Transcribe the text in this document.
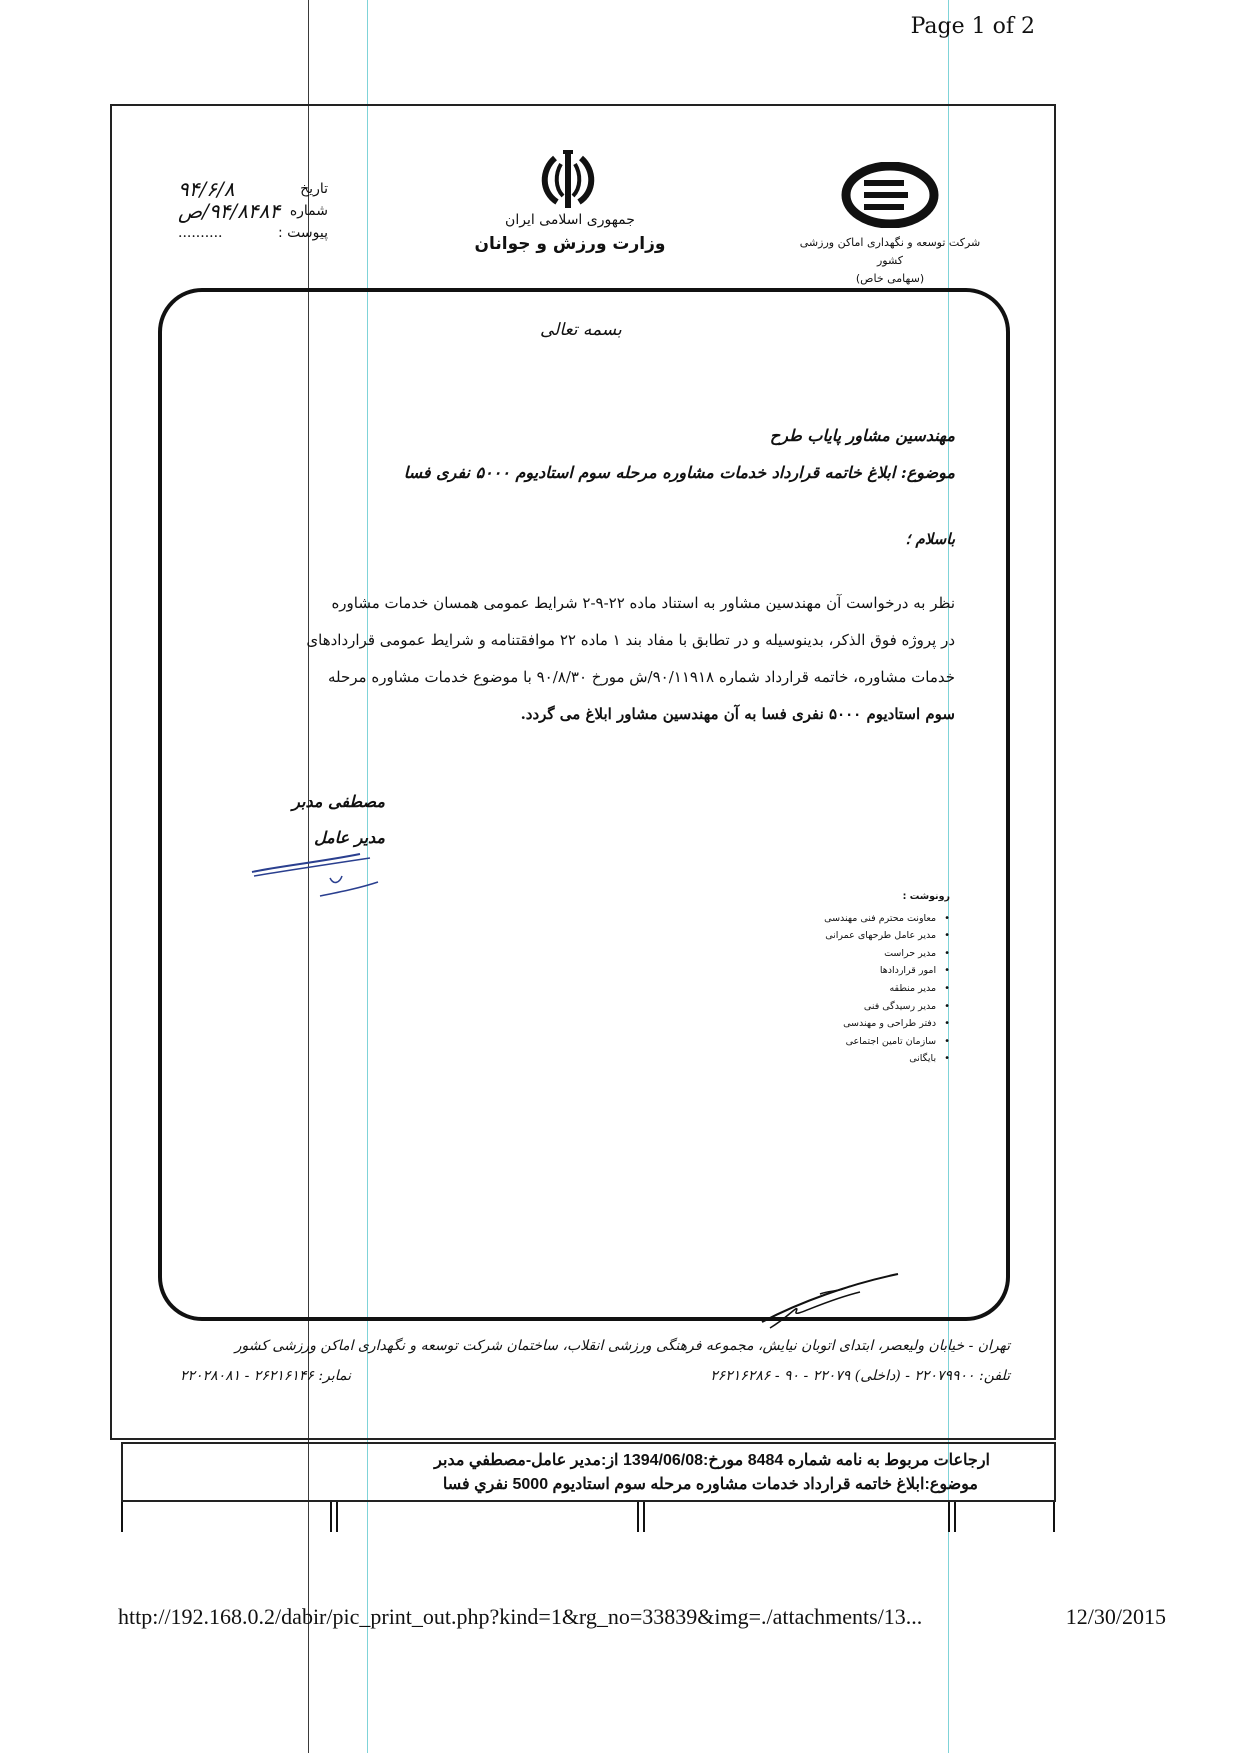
Page 1 of 2
تاریخ
۹۴/۶/۸
شماره
۹۴/۸۴۸۴/ص
پیوست :
..........
جمهوری اسلامی ایران
وزارت ورزش و جوانان	شرکت توسعه و نگهداری اماکن ورزشی کشور
(سهامی خاص)
بسمه تعالی
مهندسین مشاور پایاب طرح
موضوع: ابلاغ خاتمه قرارداد خدمات مشاوره مرحله سوم استادیوم ۵۰۰۰ نفری فسا
باسلام ؛
نظر به درخواست آن مهندسین مشاور به استناد ماده ۲۲-۹-۲ شرایط عمومی همسان خدمات مشاوره
در پروژه فوق الذکر، بدینوسیله و در تطابق با مفاد بند ۱ ماده ۲۲ موافقتنامه و شرایط عمومی قراردادهای
خدمات مشاوره، خاتمه قرارداد شماره ۹۰/۱۱۹۱۸/ش مورخ ۹۰/۸/۳۰ با موضوع خدمات مشاوره مرحله
سوم استادیوم ۵۰۰۰ نفری فسا به آن مهندسین مشاور ابلاغ می گردد.
مصطفی مدبر
مدیر عامل
رونوشت :
•
معاونت محترم فنی مهندسی
•
مدیر عامل طرحهای عمرانی
•
مدیر حراست
•
امور قراردادها
•
مدیر منطقه
•
مدیر رسیدگی فنی
•
دفتر طراحی و مهندسی
•
سازمان تامین اجتماعی
•
بایگانی
تهران - خیابان ولیعصر، ابتدای اتوبان نیایش، مجموعه فرهنگی ورزشی انقلاب، ساختمان شرکت توسعه و نگهداری اماکن ورزشی کشور
تلفن: ۲۲۰۷۹۹۰۰ - (داخلی) ۲۲۰۷۹ - ۹۰ - ۲۶۲۱۶۲۸۶
نمابر: ۲۶۲۱۶۱۴۶ - ۲۲۰۲۸۰۸۱
ارجاعات مربوط به نامه شماره 8484 مورخ:1394/06/08 از:مدیر عامل-مصطفي مدبر
موضوع:ابلاغ خاتمه قرارداد خدمات مشاوره مرحله سوم استاديوم 5000 نفري فسا
http://192.168.0.2/dabir/pic_print_out.php?kind=1&rg_no=33839&img=./attachments/13...	12/30/2015
